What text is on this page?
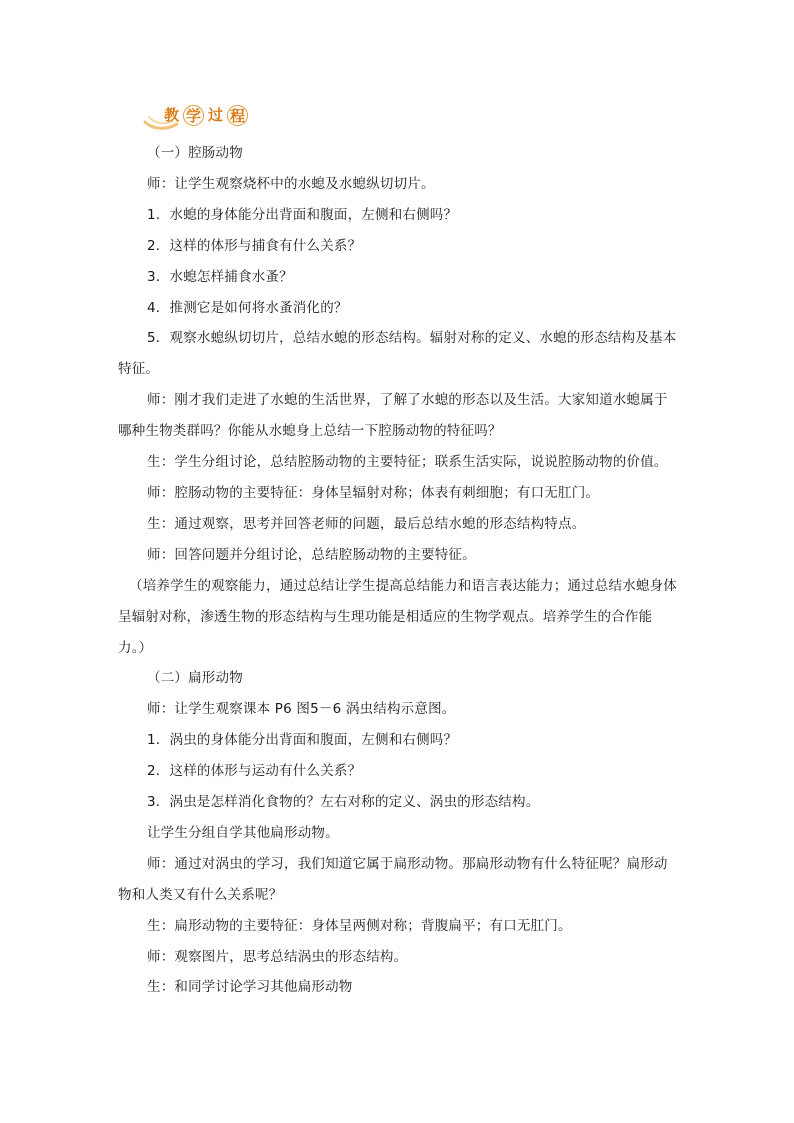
教 学 过 程

（一）腔肠动物

师：让学生观察烧杯中的水螅及水螅纵切切片。

1．水螅的身体能分出背面和腹面，左侧和右侧吗？

2．这样的体形与捕食有什么关系？

3．水螅怎样捕食水蚤？

4．推测它是如何将水蚤消化的？

5．观察水螅纵切切片，总结水螅的形态结构。辐射对称的定义、水螅的形态结构及基本特征。

师：刚才我们走进了水螅的生活世界，了解了水螅的形态以及生活。大家知道水螅属于哪种生物类群吗？你能从水螅身上总结一下腔肠动物的特征吗？

生：学生分组讨论，总结腔肠动物的主要特征；联系生活实际，说说腔肠动物的价值。

师：腔肠动物的主要特征：身体呈辐射对称；体表有刺细胞；有口无肛门。

生：通过观察，思考并回答老师的问题，最后总结水螅的形态结构特点。

师：回答问题并分组讨论，总结腔肠动物的主要特征。

（培养学生的观察能力，通过总结让学生提高总结能力和语言表达能力；通过总结水螅身体呈辐射对称，渗透生物的形态结构与生理功能是相适应的生物学观点。培养学生的合作能力。）

（二）扁形动物

师：让学生观察课本 P6 图5－6 涡虫结构示意图。

1．涡虫的身体能分出背面和腹面，左侧和右侧吗？

2．这样的体形与运动有什么关系？

3．涡虫是怎样消化食物的？左右对称的定义、涡虫的形态结构。

让学生分组自学其他扁形动物。

师：通过对涡虫的学习，我们知道它属于扁形动物。那扁形动物有什么特征呢？扁形动物和人类又有什么关系呢？

生：扁形动物的主要特征：身体呈两侧对称；背腹扁平；有口无肛门。

师：观察图片，思考总结涡虫的形态结构。

生：和同学讨论学习其他扁形动物
